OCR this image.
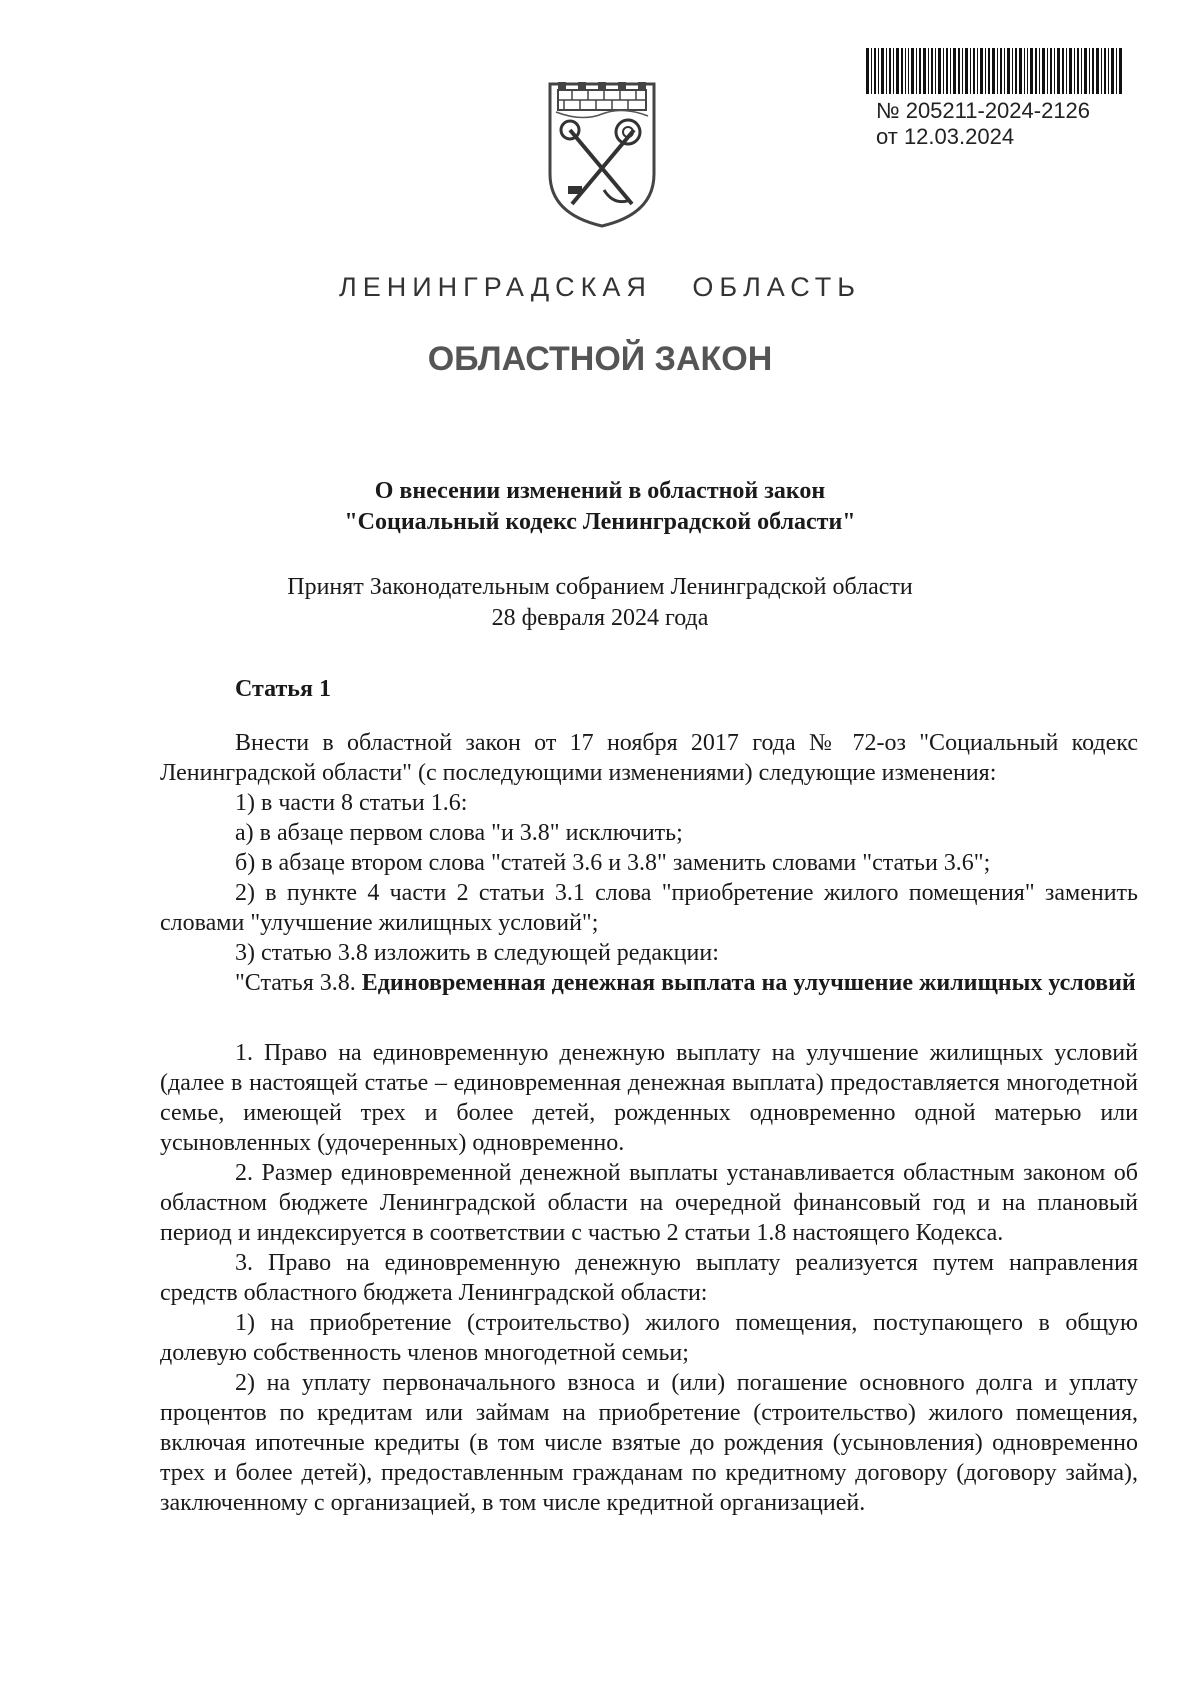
№ 205211-2024-2126
от 12.03.2024
ЛЕНИНГРАДСКАЯ   ОБЛАСТЬ
ОБЛАСТНОЙ ЗАКОН
О внесении изменений в областной закон
"Социальный кодекс Ленинградской области"
Принят Законодательным собранием Ленинградской области
28 февраля 2024 года
Статья 1

Внести в областной закон от 17 ноября 2017 года № 72-оз "Социальный кодекс Ленинградской области" (с последующими изменениями) следующие изменения:

1) в части 8 статьи 1.6:

а) в абзаце первом слова "и 3.8" исключить;

б) в абзаце втором слова "статей 3.6 и 3.8" заменить словами "статьи 3.6";

2) в пункте 4 части 2 статьи 3.1 слова "приобретение жилого помещения" заменить словами "улучшение жилищных условий";

3) статью 3.8 изложить в следующей редакции:

"Статья 3.8. Единовременная денежная выплата на улучшение жилищных условий

1. Право на единовременную денежную выплату на улучшение жилищных условий (далее в настоящей статье – единовременная денежная выплата) предоставляется многодетной семье, имеющей трех и более детей, рожденных одновременно одной матерью или усыновленных (удочеренных) одновременно.

2. Размер единовременной денежной выплаты устанавливается областным законом об областном бюджете Ленинградской области на очередной финансовый год и на плановый период и индексируется в соответствии с частью 2 статьи 1.8 настоящего Кодекса.

3. Право на единовременную денежную выплату реализуется путем направления средств областного бюджета Ленинградской области:

1) на приобретение (строительство) жилого помещения, поступающего в общую долевую собственность членов многодетной семьи;

2) на уплату первоначального взноса и (или) погашение основного долга и уплату процентов по кредитам или займам на приобретение (строительство) жилого помещения, включая ипотечные кредиты (в том числе взятые до рождения (усыновления) одновременно трех и более детей), предоставленным гражданам по кредитному договору (договору займа), заключенному с организацией, в том числе кредитной организацией.
